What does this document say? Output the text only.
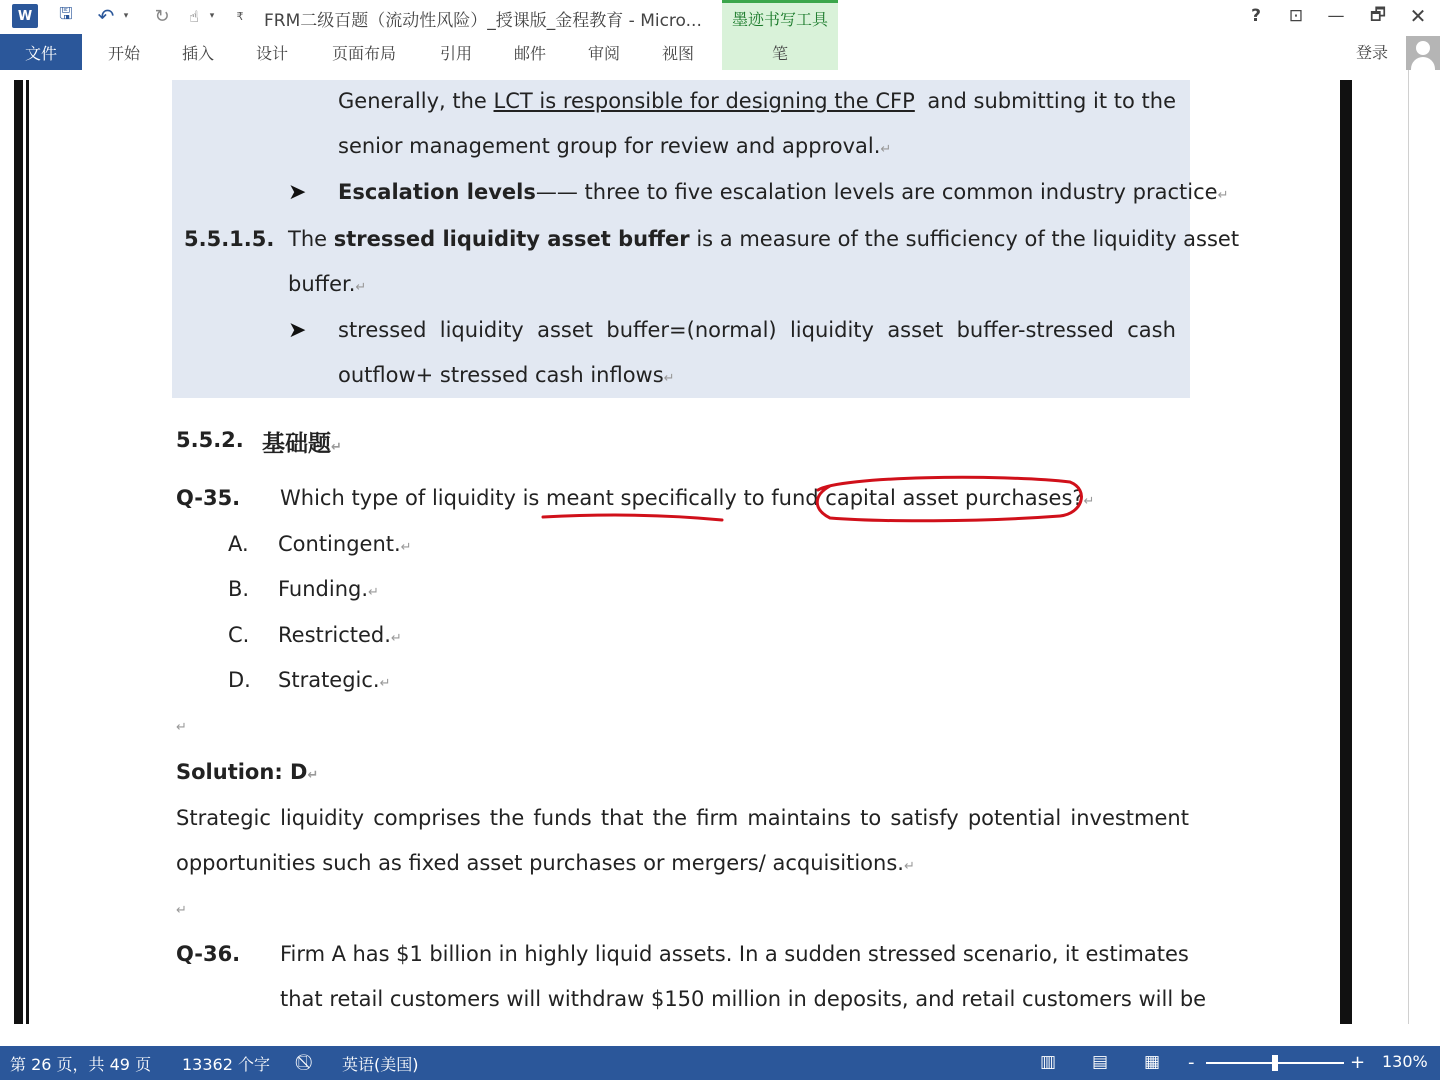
W	🖫 ↶	▾ ↻	☝	▾	₹ FRM二级百题（流动性风险）_授课版_金程教育 - Micro...	墨迹书写工具	?	⊡	—	🗗	✕
文件	开始	插入	设计	页面布局	引用	邮件	审阅	视图	笔	登录
Generally, the LCT is responsible for designing the CFP and submitting it to the
senior management group for review and approval.↵
➤ Escalation levels—— three to five escalation levels are common industry practice↵
5.5.1.5. The stressed liquidity asset buffer is a measure of the sufficiency of the liquidity asset
buffer.↵
➤ stressed liquidity asset buffer=(normal) liquidity asset buffer-stressed cash
outflow+ stressed cash inflows↵
5.5.2. 基础题↵
Q-35. Which type of liquidity is meant specifically to fund capital asset purchases?↵
A. Contingent.↵
B. Funding.↵
C. Restricted.↵
D. Strategic.↵
↵
Solution: D↵
Strategic liquidity comprises the funds that the firm maintains to satisfy potential investment
opportunities such as fixed asset purchases or mergers/ acquisitions.↵
↵
Q-36. Firm A has $1 billion in highly liquid assets. In a sudden stressed scenario, it estimates
that retail customers will withdraw $150 million in deposits, and retail customers will be
第 26 页，共 49 页 13362 个字 ⎕⃠ 英语(美国)	▥ ▤ ▦ -	+ 130%
